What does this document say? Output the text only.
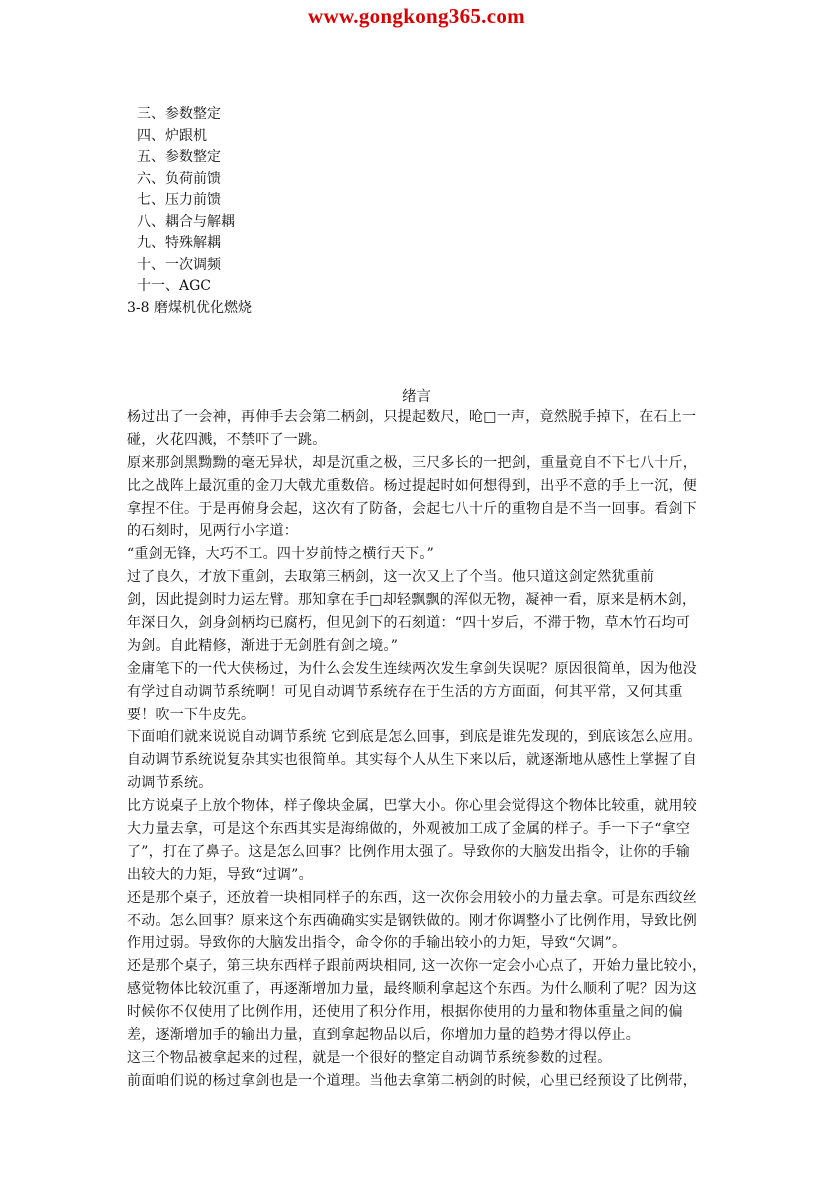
www.gongkong365.com
三、参数整定
四、炉跟机
五、参数整定
六、负荷前馈
七、压力前馈
八、耦合与解耦
九、特殊解耦
十、一次调频
十一、AGC
3-8 磨煤机优化燃烧
绪言
杨过出了一会神，再伸手去会第二柄剑，只提起数尺，呛□一声，竟然脱手掉下，在石上一
碰，火花四溅，不禁吓了一跳。
原来那剑黑黝黝的毫无异状，却是沉重之极，三尺多长的一把剑，重量竟自不下七八十斤，
比之战阵上最沉重的金刀大戟尤重数倍。杨过提起时如何想得到，出乎不意的手上一沉，便
拿捏不住。于是再俯身会起，这次有了防备，会起七八十斤的重物自是不当一回事。看剑下
的石刻时，见两行小字道：
“重剑无锋，大巧不工。四十岁前恃之横行天下。”
过了良久，才放下重剑，去取第三柄剑，这一次又上了个当。他只道这剑定然犹重前
剑，因此提剑时力运左臂。那知拿在手□却轻飘飘的浑似无物，凝神一看，原来是柄木剑，
年深日久，剑身剑柄均已腐朽，但见剑下的石刻道：“四十岁后，不滞于物，草木竹石均可
为剑。自此精修，渐进于无剑胜有剑之境。”
金庸笔下的一代大侠杨过，为什么会发生连续两次发生拿剑失误呢？原因很简单，因为他没
有学过自动调节系统啊！可见自动调节系统存在于生活的方方面面，何其平常，又何其重
要！吹一下牛皮先。
下面咱们就来说说自动调节系统 它到底是怎么回事，到底是谁先发现的，到底该怎么应用。
自动调节系统说复杂其实也很简单。其实每个人从生下来以后，就逐渐地从感性上掌握了自
动调节系统。
比方说桌子上放个物体，样子像块金属，巴掌大小。你心里会觉得这个物体比较重，就用较
大力量去拿，可是这个东西其实是海绵做的，外观被加工成了金属的样子。手一下子“拿空
了”，打在了鼻子。这是怎么回事？比例作用太强了。导致你的大脑发出指令，让你的手输
出较大的力矩，导致“过调”。
还是那个桌子，还放着一块相同样子的东西，这一次你会用较小的力量去拿。可是东西纹丝
不动。怎么回事？原来这个东西确确实实是钢铁做的。刚才你调整小了比例作用，导致比例
作用过弱。导致你的大脑发出指令，命令你的手输出较小的力矩，导致“欠调”。
还是那个桌子，第三块东西样子跟前两块相同, 这一次你一定会小心点了，开始力量比较小，
感觉物体比较沉重了，再逐渐增加力量，最终顺利拿起这个东西。为什么顺利了呢？因为这
时候你不仅使用了比例作用，还使用了积分作用，根据你使用的力量和物体重量之间的偏
差，逐渐增加手的输出力量，直到拿起物品以后，你增加力量的趋势才得以停止。
这三个物品被拿起来的过程，就是一个很好的整定自动调节系统参数的过程。
前面咱们说的杨过拿剑也是一个道理。当他去拿第二柄剑的时候，心里已经预设了比例带，
